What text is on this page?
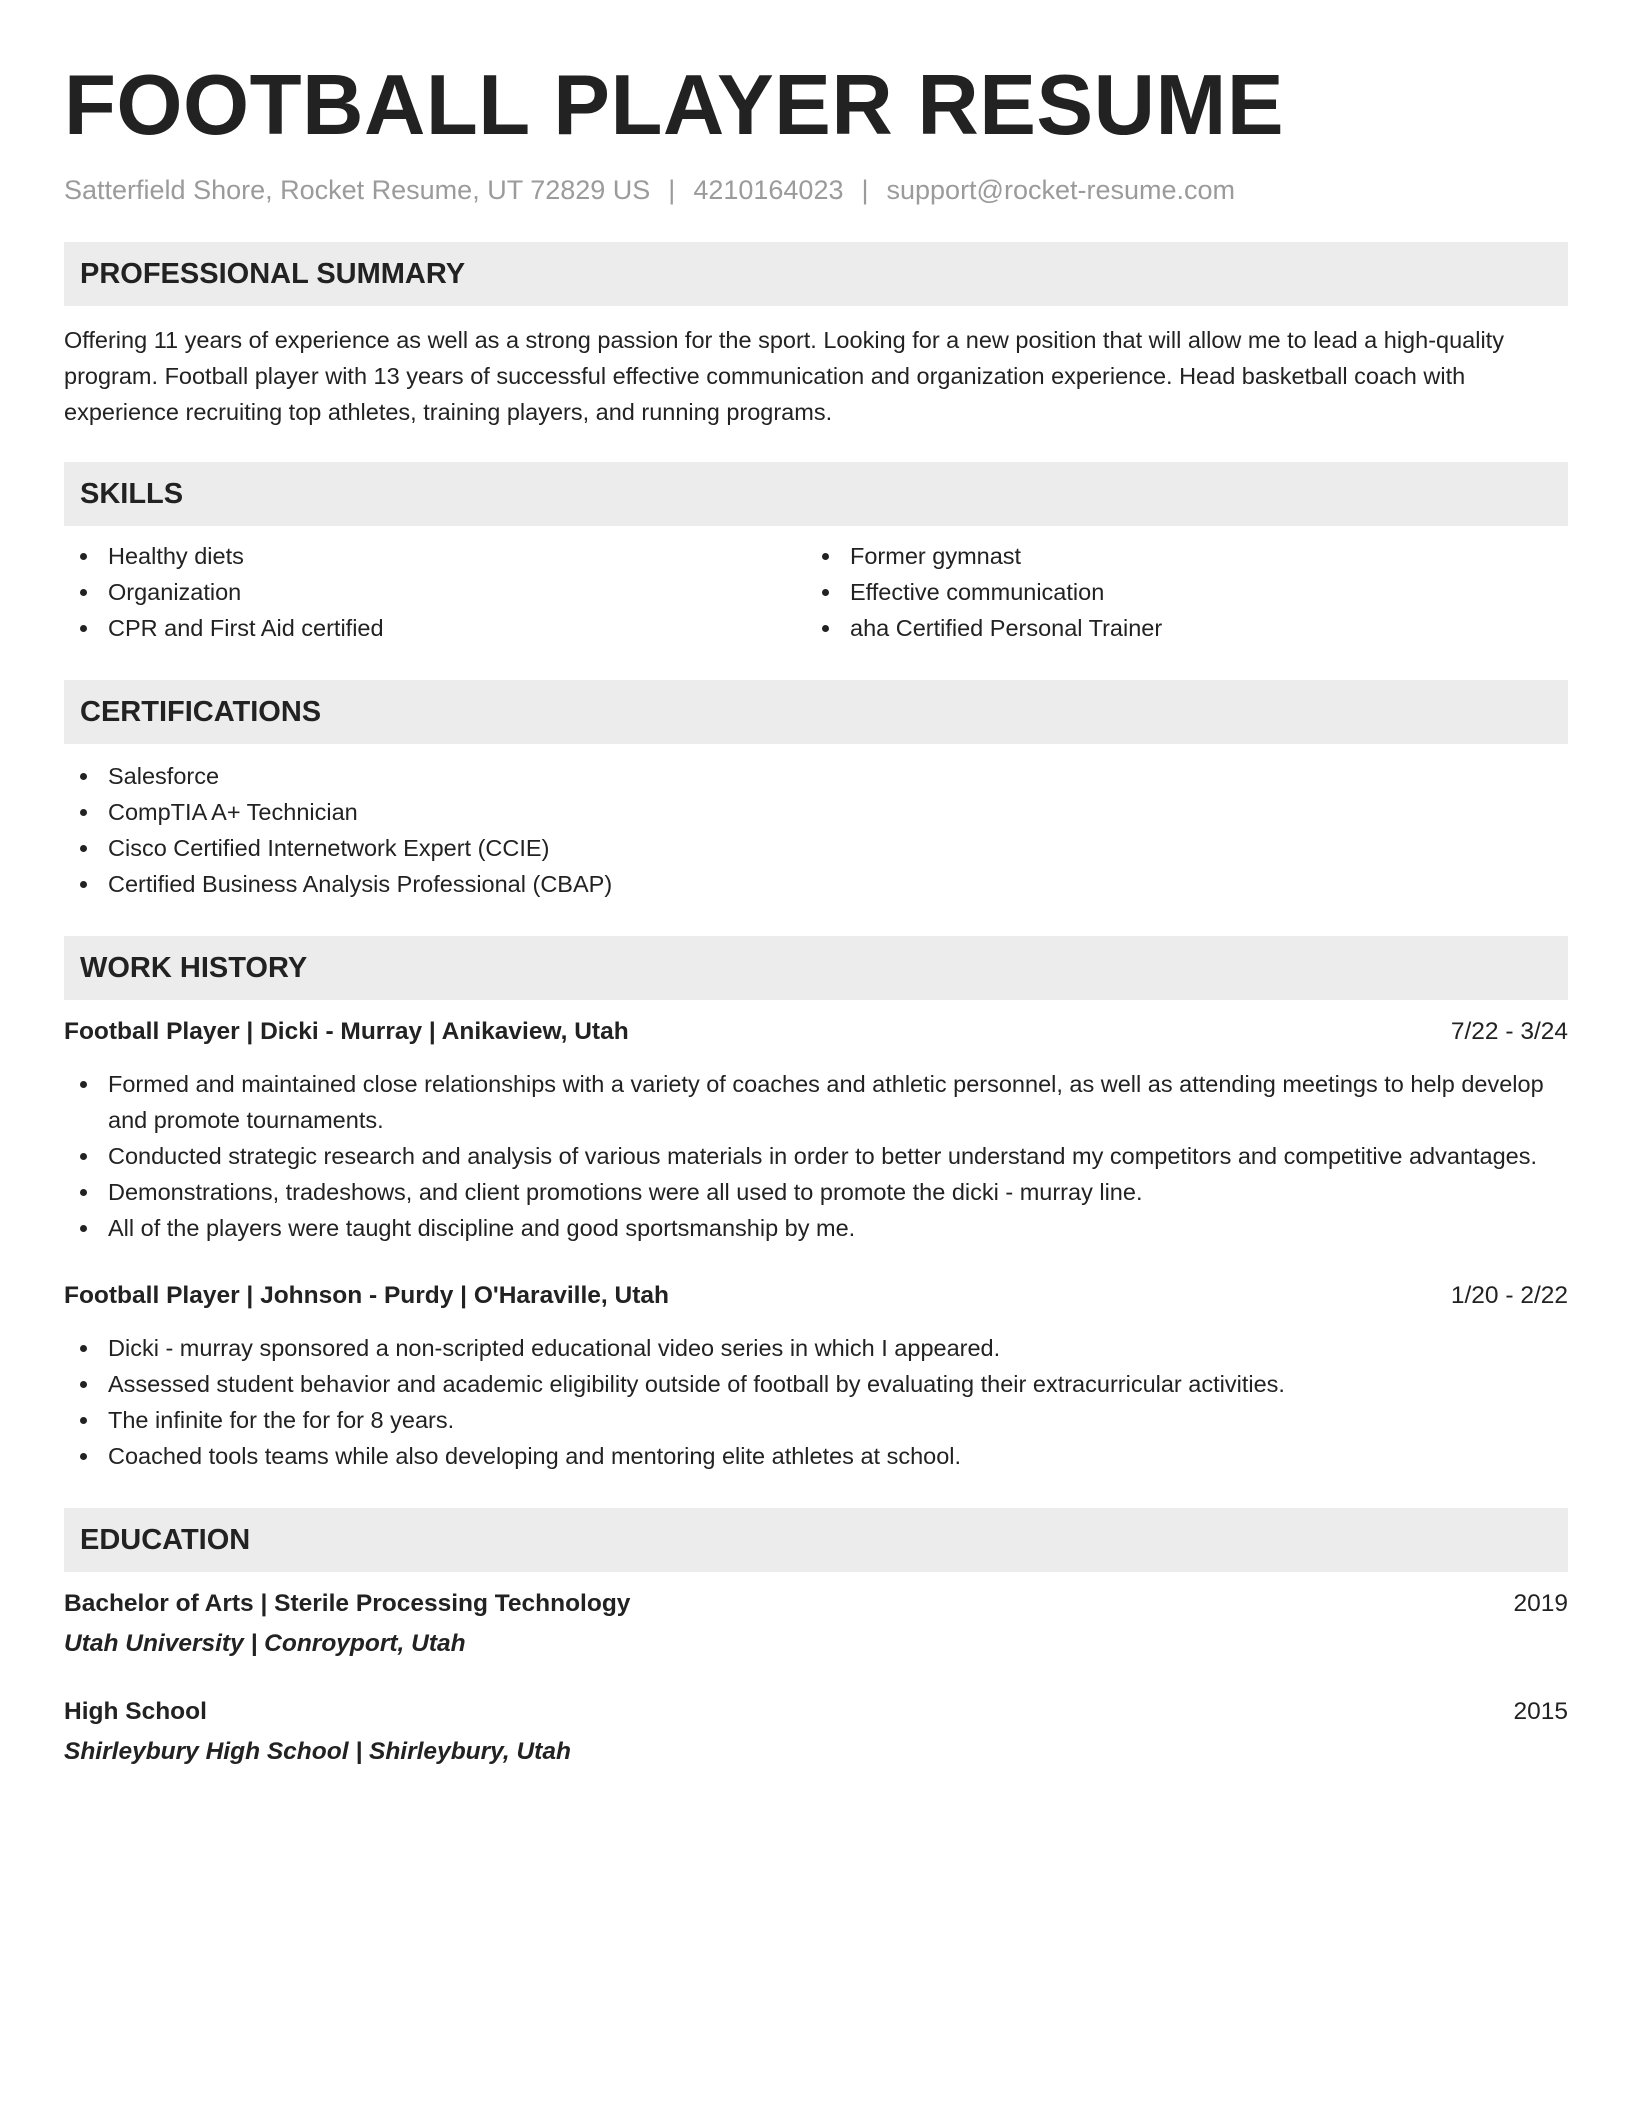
FOOTBALL PLAYER RESUME
Satterfield Shore, Rocket Resume, UT 72829 US | 4210164023 | support@rocket-resume.com
PROFESSIONAL SUMMARY

Offering 11 years of experience as well as a strong passion for the sport. Looking for a new position that will allow me to lead a high-quality program. Football player with 13 years of successful effective communication and organization experience. Head basketball coach with experience recruiting top athletes, training players, and running programs.

SKILLS
Healthy diets
Organization
CPR and First Aid certified
Former gymnast
Effective communication
aha Certified Personal Trainer
CERTIFICATIONS
Salesforce
CompTIA A+ Technician
Cisco Certified Internetwork Expert (CCIE)
Certified Business Analysis Professional (CBAP)
WORK HISTORY
Football Player | Dicki - Murray | Anikaview, Utah	7/22 - 3/24
Formed and maintained close relationships with a variety of coaches and athletic personnel, as well as attending meetings to help develop and promote tournaments.
Conducted strategic research and analysis of various materials in order to better understand my competitors and competitive advantages.
Demonstrations, tradeshows, and client promotions were all used to promote the dicki - murray line.
All of the players were taught discipline and good sportsmanship by me.
Football Player | Johnson - Purdy | O'Haraville, Utah	1/20 - 2/22
Dicki - murray sponsored a non-scripted educational video series in which I appeared.
Assessed student behavior and academic eligibility outside of football by evaluating their extracurricular activities.
The infinite for the for for 8 years.
Coached tools teams while also developing and mentoring elite athletes at school.
EDUCATION
Bachelor of Arts | Sterile Processing Technology	2019
Utah University | Conroyport, Utah
High School	2015
Shirleybury High School | Shirleybury, Utah
